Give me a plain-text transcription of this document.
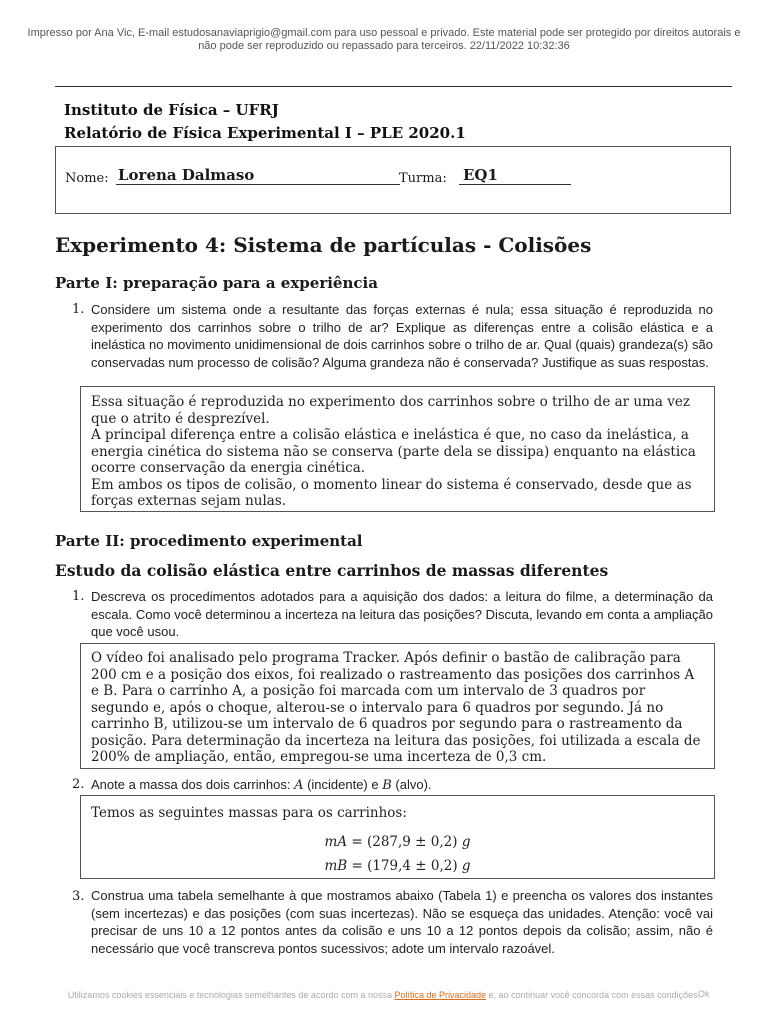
Impresso por Ana Vic, E-mail estudosanaviaprigio@gmail.com para uso pessoal e privado. Este material pode ser protegido por direitos autorais e não pode ser reproduzido ou repassado para terceiros. 22/11/2022 10:32:36
Instituto de Física – UFRJ
Relatório de Física Experimental I – PLE 2020.1
Nome: Lorena Dalmaso	Turma: EQ1
Experimento 4: Sistema de partículas - Colisões
Parte I: preparação para a experiência
1. Considere um sistema onde a resultante das forças externas é nula; essa situação é reproduzida no experimento dos carrinhos sobre o trilho de ar? Explique as diferenças entre a colisão elástica e a inelástica no movimento unidimensional de dois carrinhos sobre o trilho de ar. Qual (quais) grandeza(s) são conservadas num processo de colisão? Alguma grandeza não é conservada? Justifique as suas respostas.

Essa situação é reproduzida no experimento dos carrinhos sobre o trilho de ar uma vez que o atrito é desprezível.

A principal diferença entre a colisão elástica e inelástica é que, no caso da inelástica, a energia cinética do sistema não se conserva (parte dela se dissipa) enquanto na elástica ocorre conservação da energia cinética.

Em ambos os tipos de colisão, o momento linear do sistema é conservado, desde que as forças externas sejam nulas.

Parte II: procedimento experimental
Estudo da colisão elástica entre carrinhos de massas diferentes
1. Descreva os procedimentos adotados para a aquisição dos dados: a leitura do filme, a determinação da escala. Como você determinou a incerteza na leitura das posições? Discuta, levando em conta a ampliação que você usou.
O vídeo foi analisado pelo programa Tracker. Após definir o bastão de calibração para 200 cm e a posição dos eixos, foi realizado o rastreamento das posições dos carrinhos A e B. Para o carrinho A, a posição foi marcada com um intervalo de 3 quadros por segundo e, após o choque, alterou-se o intervalo para 6 quadros por segundo. Já no carrinho B, utilizou-se um intervalo de 6 quadros por segundo para o rastreamento da posição. Para determinação da incerteza na leitura das posições, foi utilizada a escala de 200% de ampliação, então, empregou-se uma incerteza de 0,3 cm.
2. Anote a massa dos dois carrinhos: A (incidente) e B (alvo).
Temos as seguintes massas para os carrinhos:
mA = (287,9 ± 0,2) g
mB = (179,4 ± 0,2) g
3. Construa uma tabela semelhante à que mostramos abaixo (Tabela 1) e preencha os valores dos instantes (sem incertezas) e das posições (com suas incertezas). Não se esqueça das unidades. Atenção: você vai precisar de uns 10 a 12 pontos antes da colisão e uns 10 a 12 pontos depois da colisão; assim, não é necessário que você transcreva pontos sucessivos; adote um intervalo razoável.
Utilizamos cookies essenciais e tecnologias semelhantes de acordo com a nossa Política de Privacidade e, ao continuar você concorda com essas condições.
Ok
